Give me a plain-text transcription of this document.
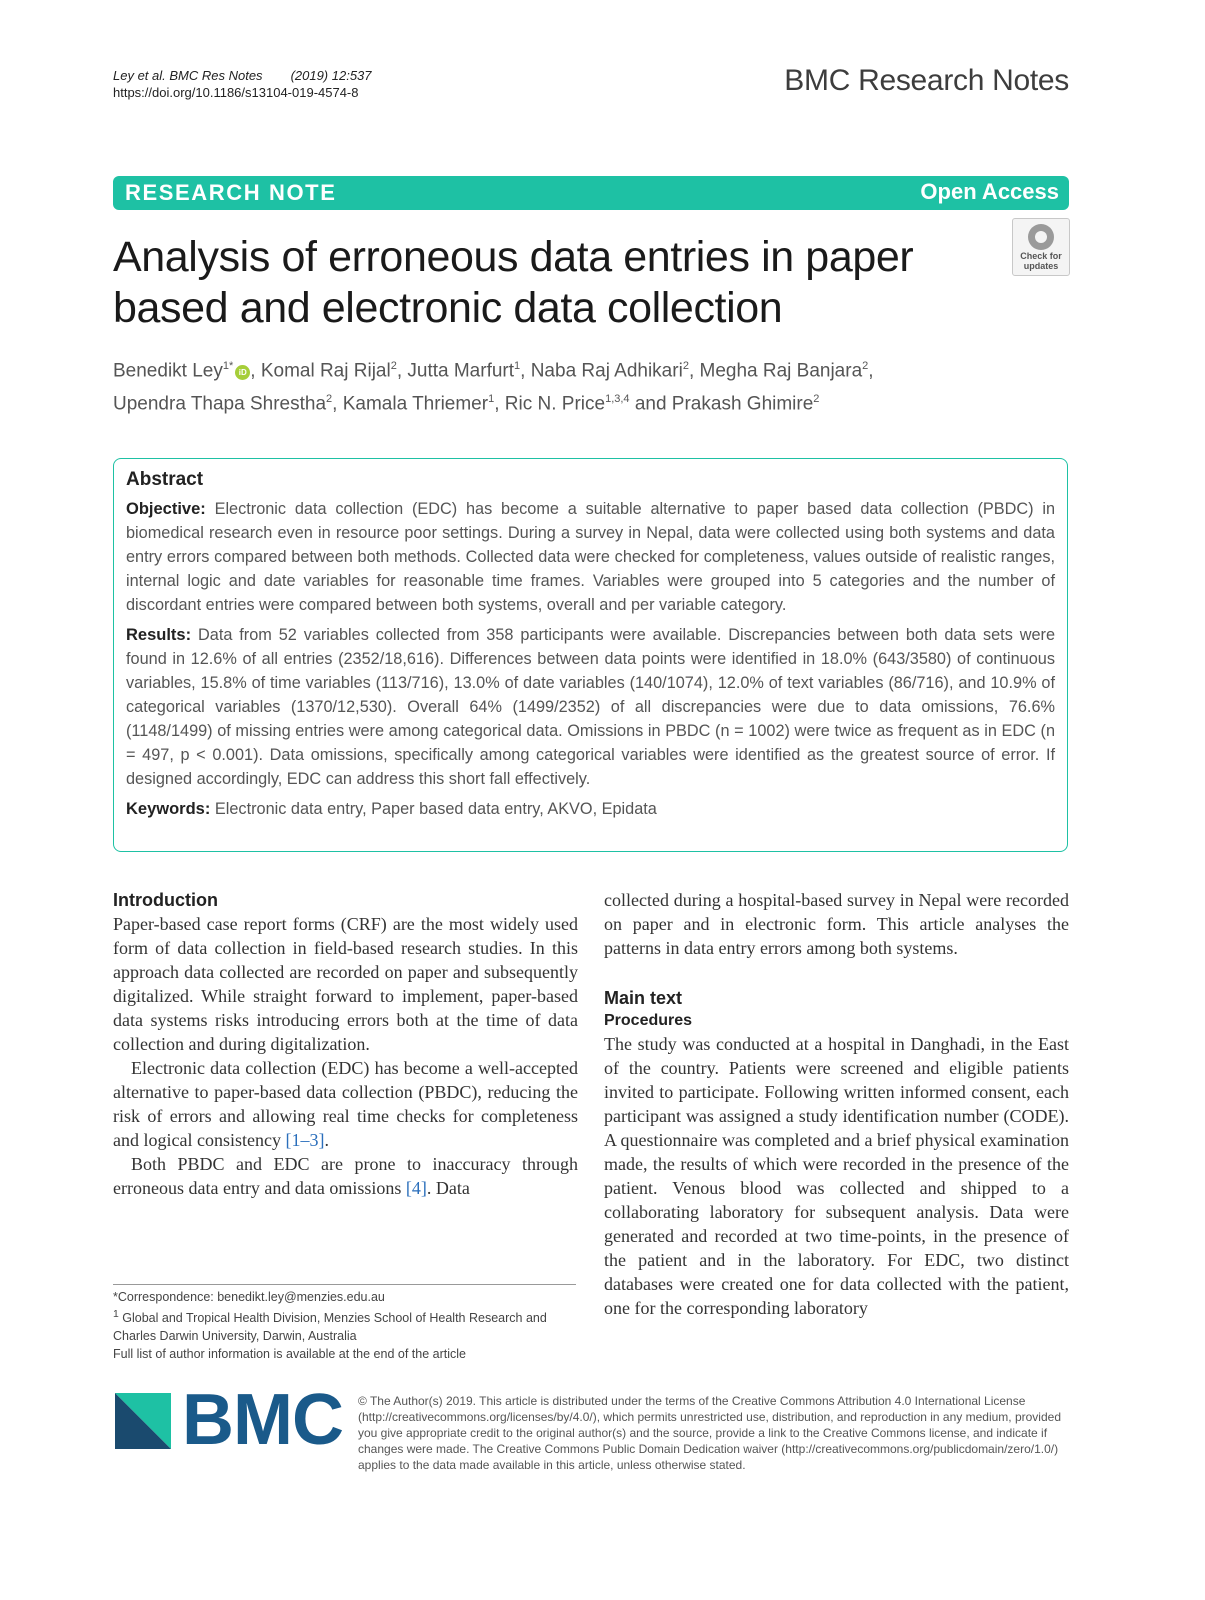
Ley et al. BMC Res Notes (2019) 12:537
https://doi.org/10.1186/s13104-019-4574-8	BMC Research Notes
RESEARCH NOTE	Open Access
Analysis of erroneous data entries in paper based and electronic data collection
Check for
updates
Benedikt Ley$^{1*}$iD , Komal Raj Rijal$^2$, Jutta Marfurt$^1$, Naba Raj Adhikari$^2$, Megha Raj Banjara$^2$,
Upendra Thapa Shrestha$^2$, Kamala Thriemer$^1$, Ric N. Price$^{1,3,4}$ and Prakash Ghimire$^2$
Abstract

Objective: Electronic data collection (EDC) has become a suitable alternative to paper based data collection (PBDC) in biomedical research even in resource poor settings. During a survey in Nepal, data were collected using both systems and data entry errors compared between both methods. Collected data were checked for completeness, values outside of realistic ranges, internal logic and date variables for reasonable time frames. Variables were grouped into 5 categories and the number of discordant entries were compared between both systems, overall and per variable category.

Results: Data from 52 variables collected from 358 participants were available. Discrepancies between both data sets were found in 12.6% of all entries (2352/18,616). Differences between data points were identified in 18.0% (643/3580) of continuous variables, 15.8% of time variables (113/716), 13.0% of date variables (140/1074), 12.0% of text variables (86/716), and 10.9% of categorical variables (1370/12,530). Overall 64% (1499/2352) of all discrepancies were due to data omissions, 76.6% (1148/1499) of missing entries were among categorical data. Omissions in PBDC (n = 1002) were twice as frequent as in EDC (n = 497, p < 0.001). Data omissions, specifically among categorical variables were identified as the greatest source of error. If designed accordingly, EDC can address this short fall effectively.

Keywords: Electronic data entry, Paper based data entry, AKVO, Epidata

Introduction

Paper-based case report forms (CRF) are the most widely used form of data collection in field-based research studies. In this approach data collected are recorded on paper and subsequently digitalized. While straight forward to implement, paper-based data systems risks introducing errors both at the time of data collection and during digitalization.

Electronic data collection (EDC) has become a well-accepted alternative to paper-based data collection (PBDC), reducing the risk of errors and allowing real time checks for completeness and logical consistency [1–3].

Both PBDC and EDC are prone to inaccuracy through erroneous data entry and data omissions [4]. Data

collected during a hospital-based survey in Nepal were recorded on paper and in electronic form. This article analyses the patterns in data entry errors among both systems.

Main text
Procedures

The study was conducted at a hospital in Danghadi, in the East of the country. Patients were screened and eligible patients invited to participate. Following written informed consent, each participant was assigned a study identification number (CODE). A questionnaire was completed and a brief physical examination made, the results of which were recorded in the presence of the patient. Venous blood was collected and shipped to a collaborating laboratory for subsequent analysis. Data were generated and recorded at two time-points, in the presence of the patient and in the laboratory. For EDC, two distinct databases were created one for data collected with the patient, one for the corresponding laboratory

*Correspondence: benedikt.ley@menzies.edu.au
$^1$ Global and Tropical Health Division, Menzies School of Health Research and Charles Darwin University, Darwin, Australia
Full list of author information is available at the end of the article
BMC © The Author(s) 2019. This article is distributed under the terms of the Creative Commons Attribution 4.0 International License (http://creativecommons.org/licenses/by/4.0/), which permits unrestricted use, distribution, and reproduction in any medium, provided you give appropriate credit to the original author(s) and the source, provide a link to the Creative Commons license, and indicate if changes were made. The Creative Commons Public Domain Dedication waiver (http://creativecommons.org/publicdomain/zero/1.0/) applies to the data made available in this article, unless otherwise stated.
